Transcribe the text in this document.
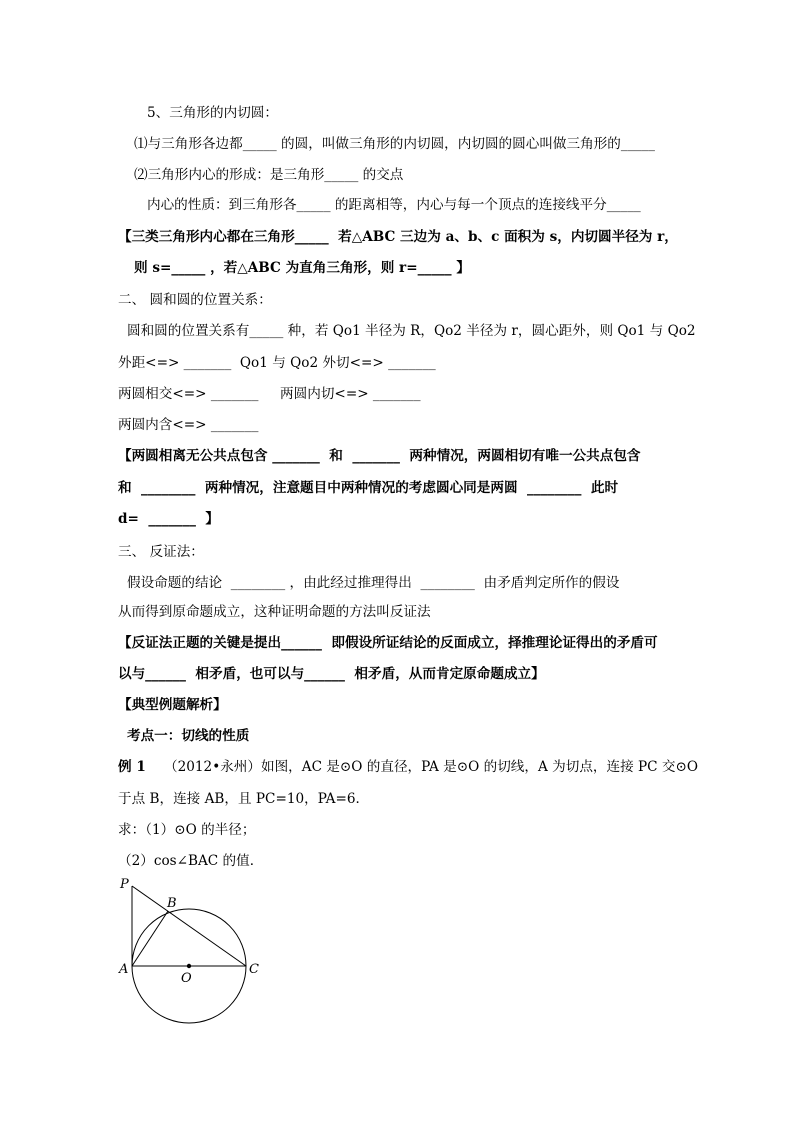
5、三角形的内切圆：
⑴与三角形各边都_____ 的圆，叫做三角形的内切圆，内切圆的圆心叫做三角形的_____
⑵三角形内心的形成：是三角形_____ 的交点
内心的性质：到三角形各_____ 的距离相等，内心与每一个顶点的连接线平分_____
【三类三角形内心都在三角形_____  若△ABC 三边为 a、b、c 面积为 s，内切圆半径为 r，
则 s=_____ ，若△ABC 为直角三角形，则 r=_____ 】
二、 圆和圆的位置关系：
圆和圆的位置关系有_____ 种，若 Qo1 半径为 R，Qo2 半径为 r，圆心距外，则 Qo1 与 Qo2
外距<=> _______  Qo1 与 Qo2 外切<=> _______
两圆相交<=> _______     两圆内切<=> _______
两圆内含<=> _______
【两圆相离无公共点包含 _______  和  _______  两种情况，两圆相切有唯一公共点包含
和  ________  两种情况，注意题目中两种情况的考虑圆心同是两圆  ________  此时
d=  _______  】
三、 反证法：
假设命题的结论  ________ ，由此经过推理得出  ________  由矛盾判定所作的假设
从而得到原命题成立，这种证明命题的方法叫反证法
【反证法正题的关键是提出______  即假设所证结论的反面成立，择推理论证得出的矛盾可
以与______  相矛盾，也可以与______  相矛盾，从而肯定原命题成立】
【典型例题解析】
考点一：切线的性质
例 1 （2012•永州）如图，AC 是⊙O 的直径，PA 是⊙O 的切线，A 为切点，连接 PC 交⊙O
于点 B，连接 AB，且 PC=10，PA=6．
求：（1）⊙O 的半径；
（2）cos∠BAC 的值．
P
B
A
O
C
